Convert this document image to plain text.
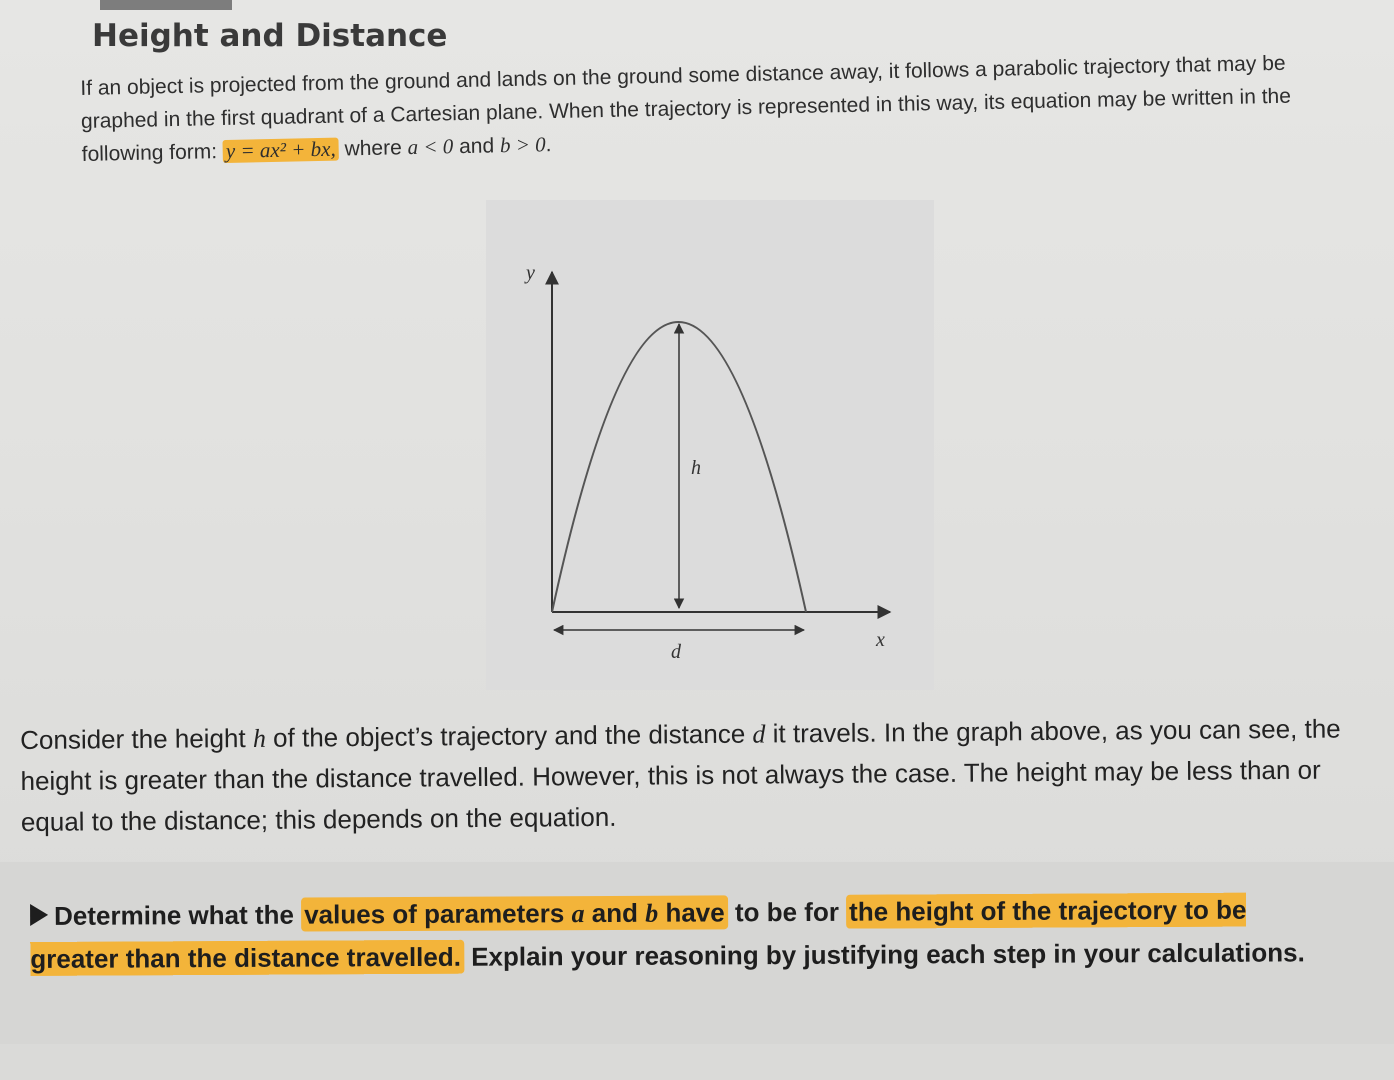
Height and Distance

If an object is projected from the ground and lands on the ground some distance away, it follows a parabolic trajectory that may be graphed in the first quadrant of a Cartesian plane. When the trajectory is represented in this way, its equation may be written in the following form: y = ax² + bx, where a < 0 and b > 0.

y
x
h
d

Consider the height h of the object’s trajectory and the distance d it travels. In the graph above, as you can see, the height is greater than the distance travelled. However, this is not always the case. The height may be less than or equal to the distance; this depends on the equation.

Determine what the values of parameters a and b have to be for the height of the trajectory to be greater than the distance travelled. Explain your reasoning by justifying each step in your calculations.
